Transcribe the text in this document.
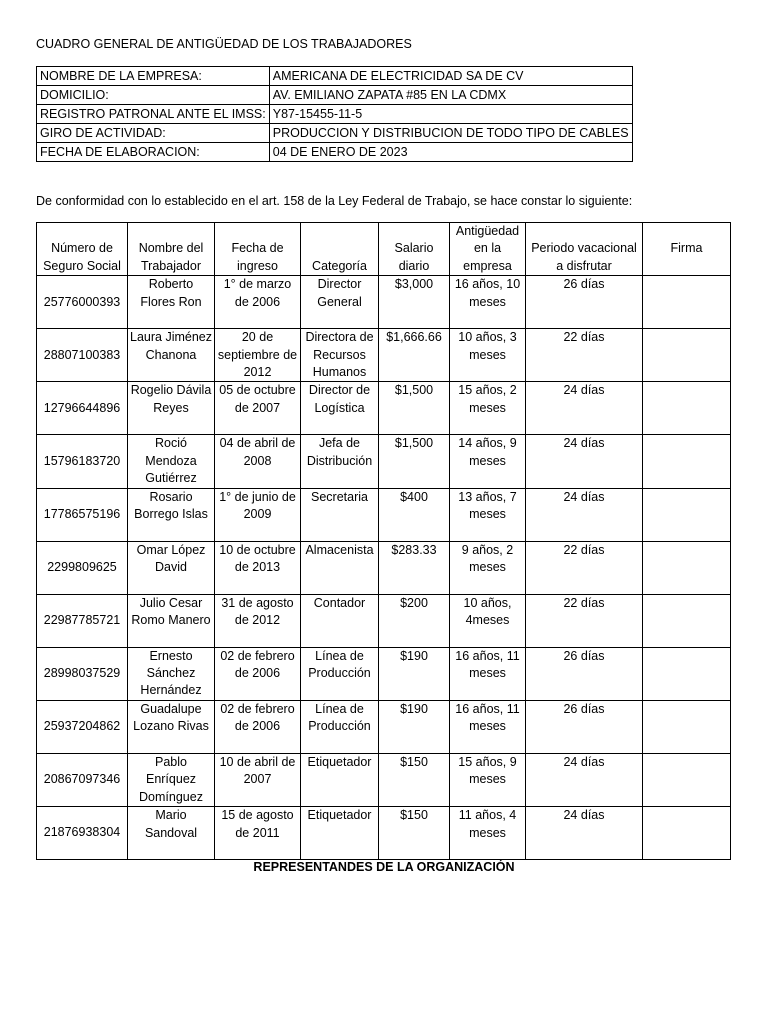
CUADRO GENERAL DE ANTIGÜEDAD DE LOS TRABAJADORES
NOMBRE DE LA EMPRESA:	AMERICANA DE ELECTRICIDAD SA DE CV
DOMICILIO:	AV. EMILIANO ZAPATA #85 EN LA CDMX
REGISTRO PATRONAL ANTE EL IMSS:	Y87-15455-11-5
GIRO DE ACTIVIDAD:	PRODUCCION Y DISTRIBUCION DE TODO TIPO DE CABLES
FECHA DE ELABORACION:	04 DE ENERO DE 2023
De conformidad con lo establecido en el art. 158 de la Ley Federal de Trabajo, se hace constar lo siguiente:
Número de Seguro Social	Nombre del Trabajador	Fecha de ingreso	Categoría	Salario diario	Antigüedad en la empresa	Periodo vacacional a disfrutar	Firma
25776000393	Roberto Flores Ron	1° de marzo de 2006	Director General	$3,000	16 años, 10 meses	26 días	
28807100383	Laura Jiménez Chanona	20 de septiembre de 2012	Directora de Recursos Humanos	$1,666.66	10 años, 3 meses	22 días	
12796644896	Rogelio Dávila Reyes	05 de octubre de 2007	Director de Logística	$1,500	15 años, 2 meses	24 días	
15796183720	Roció Mendoza Gutiérrez	04 de abril de 2008	Jefa de Distribución	$1,500	14 años, 9 meses	24 días	
17786575196	Rosario Borrego Islas	1° de junio de 2009	Secretaria	$400	13 años, 7 meses	24 días	
2299809625	Omar López David	10 de octubre de 2013	Almacenista	$283.33	9 años, 2 meses	22 días	
22987785721	Julio Cesar Romo Manero	31 de agosto de 2012	Contador	$200	10 años, 4meses	22 días	
28998037529	Ernesto Sánchez Hernández	02 de febrero de 2006	Línea de Producción	$190	16 años, 11 meses	26 días	
25937204862	Guadalupe Lozano Rivas	02 de febrero de 2006	Línea de Producción	$190	16 años, 11 meses	26 días	
20867097346	Pablo Enríquez Domínguez	10 de abril de 2007	Etiquetador	$150	15 años, 9 meses	24 días	
21876938304	Mario Sandoval	15 de agosto de 2011	Etiquetador	$150	11 años, 4 meses	24 días	
REPRESENTANDES DE LA ORGANIZACIÓN
